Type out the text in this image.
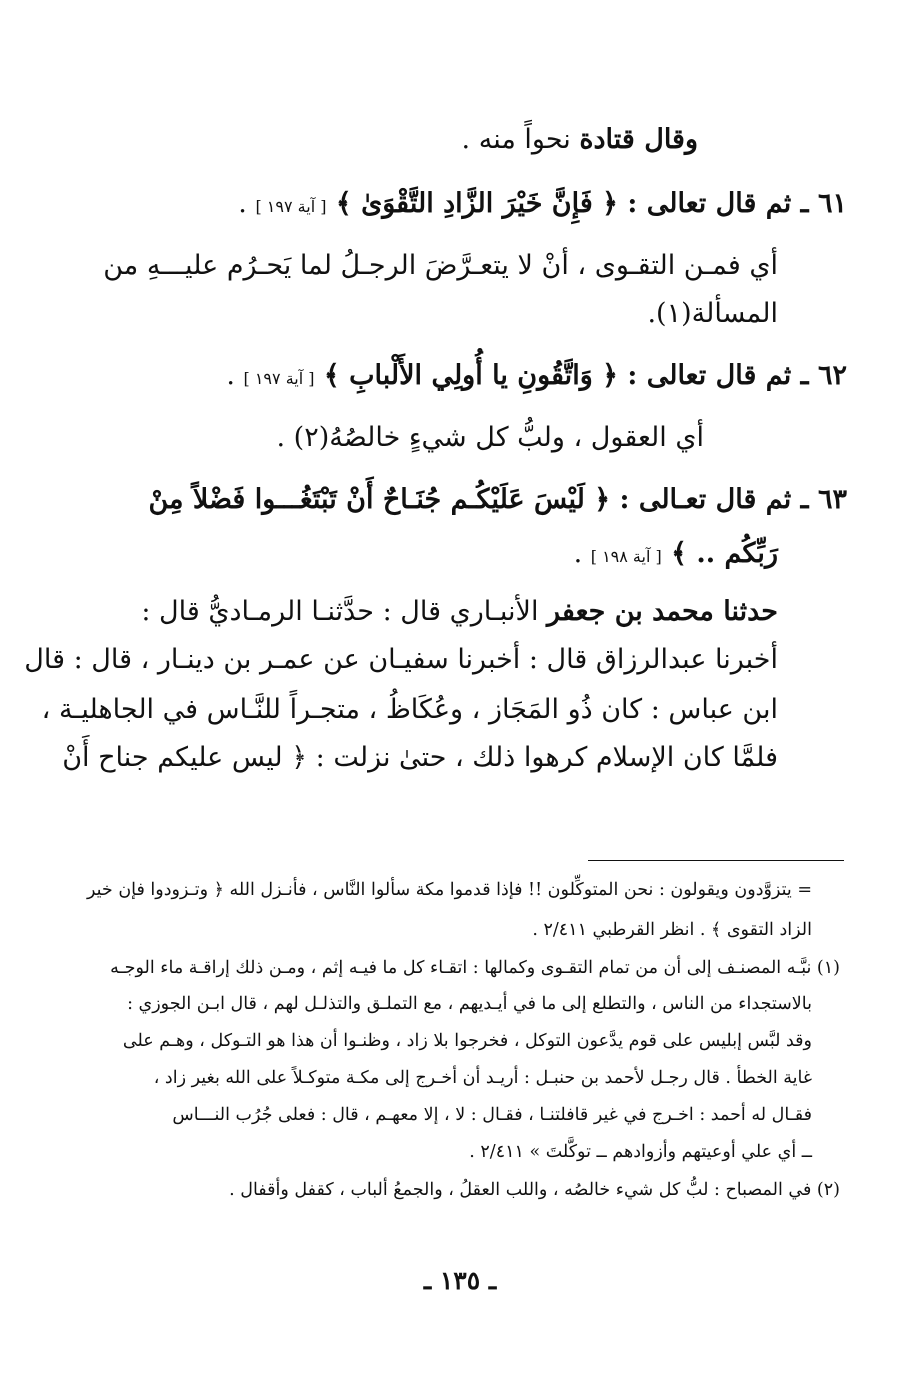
وقال قتادة نحواً منه .
٦١ ـ ثم قال تعالى : ﴿ فَإِنَّ خَيْرَ الزَّادِ التَّقْوَىٰ ﴾ [ آية ١٩٧ ] .
أي فمـن التقـوى ، أنْ لا يتعـرَّضَ الرجـلُ لما يَحـرُم عليـــهِ من
المسألة(١).
٦٢ ـ ثم قال تعالى : ﴿ وَاتَّقُونِ يا أُولِي الأَلْبابِ ﴾ [ آية ١٩٧ ] .
أي العقول ، ولبُّ كل شيءٍ خالصُهُ(٢) .
٦٣ ـ ثم قال تعـالى : ﴿ لَيْسَ عَلَيْكُـم جُنَـاحٌ أَنْ تَبْتَغُـــوا فَضْلاً مِنْ
رَبِّكُم .. ﴾ [ آية ١٩٨ ] .
حدثنا محمد بن جعفر الأنبـاري قال : حدَّثنـا الرمـاديُّ قال :
أخبرنا عبدالرزاق قال : أخبرنا سفيـان عن عمـر بن دينـار ، قال : قال
ابن عباس : كان ذُو المَجَاز ، وعُكَاظُ ، متجـراً للنَّـاس في الجاهليـة ،
فلمَّا كان الإسلام كرهوا ذلك ، حتىٰ نزلت : ﴿ ليس عليكم جناح أَنْ
= يتزوَّدون ويقولون : نحن المتوكِّلون !! فإذا قدموا مكة سألوا النَّاس ، فأنـزل الله ﴿ وتـزودوا فإن خير
الزاد التقوى ﴾ . انظر القرطبي ٢/٤١١ .
(١) نبَّـه المصنـف إلى أن من تمام التقـوى وكمالها : اتقـاء كل ما فيـه إثم ، ومـن ذلك إراقـة ماء الوجـه
بالاستجداء من الناس ، والتطلع إلى ما في أيـديهم ، مع التملـق والتذلـل لهم ، قال ابـن الجوزي :
وقد لبَّس إبليس على قوم يدَّعون التوكل ، فخرجوا بلا زاد ، وظنـوا أن هذا هو التـوكل ، وهـم على
غاية الخطأ . قال رجـل لأحمد بن حنبـل : أريـد أن أخـرج إلى مكـة متوكـلاً على الله بغير زاد ،
فقـال له أحمد : اخـرج في غير قافلتنـا ، فقـال : لا ، إلا معهـم ، قال : فعلى جُرُب النـــاس
ــ أي علي أوعيتهم وأزوادهم ــ توكَّلتَ » ٢/٤١١ .
(٢) في المصباح : لبُّ كل شيء خالصُه ، واللب العقلُ ، والجمعُ ألباب ، كقفل وأقفال .
ـ ١٣٥ ـ
